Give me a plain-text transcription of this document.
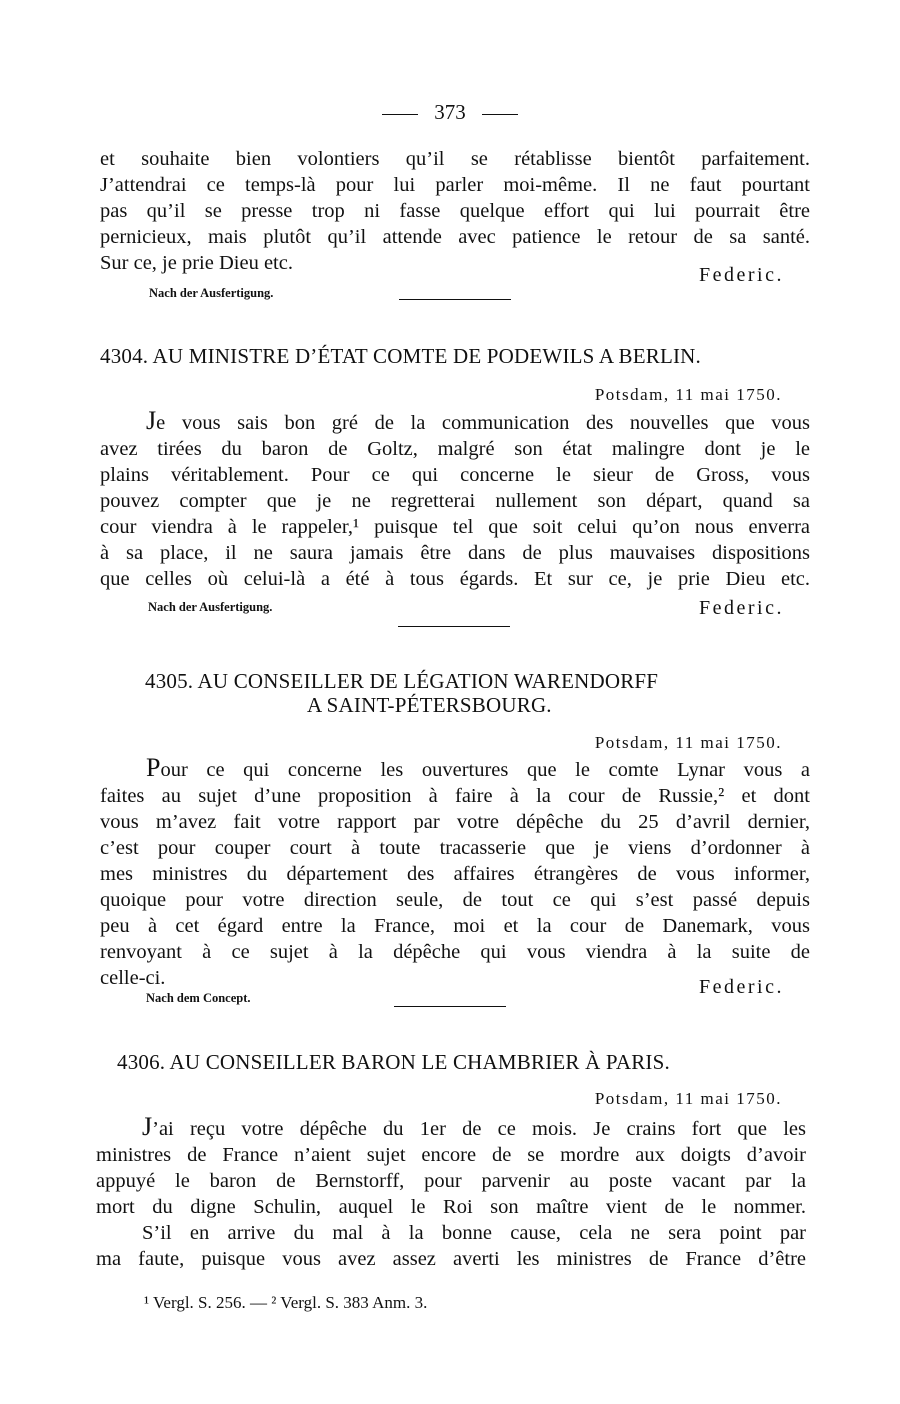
373
et souhaite bien volontiers qu’il se rétablisse bientôt parfaitement.
J’attendrai ce temps-là pour lui parler moi-même. Il ne faut pourtant
pas qu’il se presse trop ni fasse quelque effort qui lui pourrait être
pernicieux, mais plutôt qu’il attende avec patience le retour de sa santé.
Sur ce, je prie Dieu etc.
Federic.
Nach der Ausfertigung.
4304. AU MINISTRE D’ÉTAT COMTE DE PODEWILS A BERLIN.
Potsdam, 11 mai 1750.
Je vous sais bon gré de la communication des nouvelles que vous
avez tirées du baron de Goltz, malgré son état malingre dont je le
plains véritablement. Pour ce qui concerne le sieur de Gross, vous
pouvez compter que je ne regretterai nullement son départ, quand sa
cour viendra à le rappeler,¹ puisque tel que soit celui qu’on nous enverra
à sa place, il ne saura jamais être dans de plus mauvaises dispositions
que celles où celui-là a été à tous égards. Et sur ce, je prie Dieu etc.
Nach der Ausfertigung.	Federic.
4305. AU CONSEILLER DE LÉGATION WARENDORFF
A SAINT-PÉTERSBOURG.
Potsdam, 11 mai 1750.
Pour ce qui concerne les ouvertures que le comte Lynar vous a
faites au sujet d’une proposition à faire à la cour de Russie,² et dont
vous m’avez fait votre rapport par votre dépêche du 25 d’avril dernier,
c’est pour couper court à toute tracasserie que je viens d’ordonner à
mes ministres du département des affaires étrangères de vous informer,
quoique pour votre direction seule, de tout ce qui s’est passé depuis
peu à cet égard entre la France, moi et la cour de Danemark, vous
renvoyant à ce sujet à la dépêche qui vous viendra à la suite de
celle-ci.	Federic.
Nach dem Concept.
4306. AU CONSEILLER BARON LE CHAMBRIER À PARIS.
Potsdam, 11 mai 1750.
J’ai reçu votre dépêche du 1er de ce mois. Je crains fort que les
ministres de France n’aient sujet encore de se mordre aux doigts d’avoir
appuyé le baron de Bernstorff, pour parvenir au poste vacant par la
mort du digne Schulin, auquel le Roi son maître vient de le nommer.
S’il en arrive du mal à la bonne cause, cela ne sera point par
ma faute, puisque vous avez assez averti les ministres de France d’être
¹ Vergl. S. 256. — ² Vergl. S. 383 Anm. 3.
